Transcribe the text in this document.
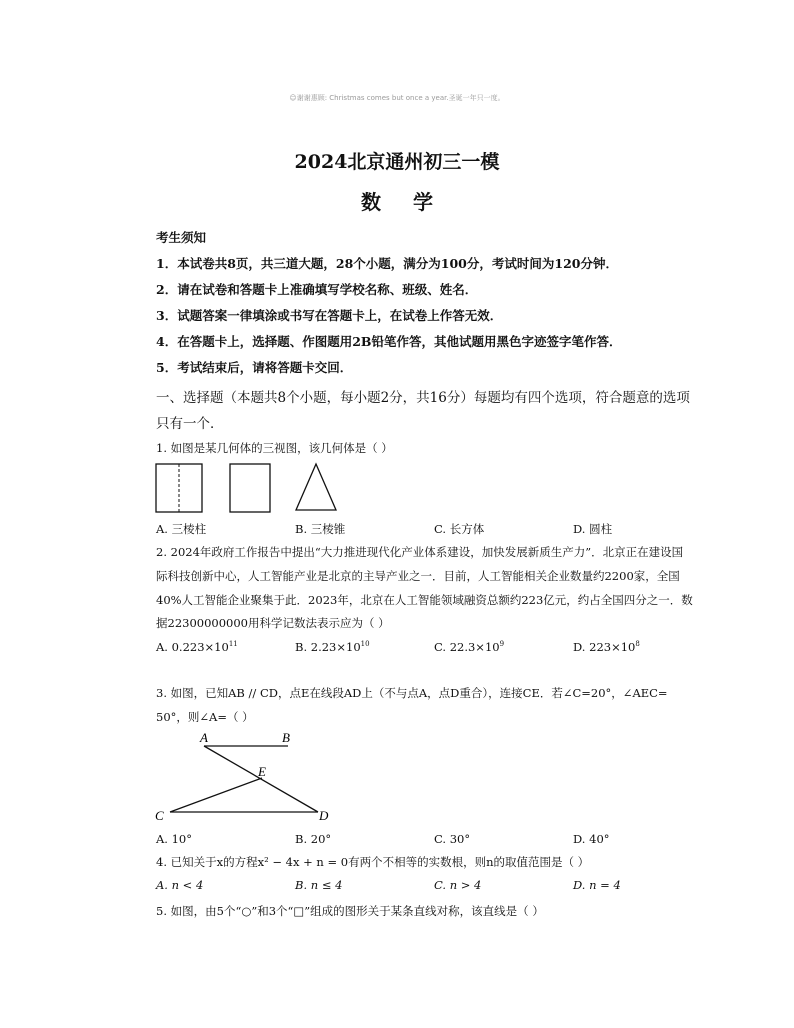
☺谢谢惠顾: Christmas comes but once a year.圣诞一年只一度。
2024北京通州初三一模
数学
考生须知
1．本试卷共8页，共三道大题，28个小题，满分为100分，考试时间为120分钟．
2．请在试卷和答题卡上准确填写学校名称、班级、姓名．
3．试题答案一律填涂或书写在答题卡上，在试卷上作答无效．
4．在答题卡上，选择题、作图题用2B铅笔作答，其他试题用黑色字迹签字笔作答．
5．考试结束后，请将答题卡交回．
一、选择题（本题共8个小题，每小题2分，共16分）每题均有四个选项，符合题意的选项
只有一个．
1. 如图是某几何体的三视图，该几何体是（ ）
A. 三棱柱	B. 三棱锥	C. 长方体	D. 圆柱
2. 2024年政府工作报告中提出“大力推进现代化产业体系建设，加快发展新质生产力”．北京正在建设国
际科技创新中心，人工智能产业是北京的主导产业之一．目前，人工智能相关企业数量约2200家，全国
40%人工智能企业聚集于此．2023年，北京在人工智能领域融资总额约223亿元，约占全国四分之一．数
据22300000000用科学记数法表示应为（ ）
A. $0.223\times 10^{11}$	B. $2.23\times 10^{10}$	C. $22.3\times 10^9$	D. $223\times 10^8$
3. 如图，已知AB // CD，点E在线段AD上（不与点A，点D重合），连接CE．若∠C=20°，∠AEC=
50°，则∠A=（ ）
A	B
E
C	D
A. 10°	B. 20°	C. 30°	D. 40°
4. 已知关于x的方程x² − 4x + n = 0有两个不相等的实数根，则n的取值范围是（ ）
A. n < 4	B. n ≤ 4	C. n > 4	D. n = 4
5. 如图，由5个“○”和3个“□”组成的图形关于某条直线对称，该直线是（ ）
